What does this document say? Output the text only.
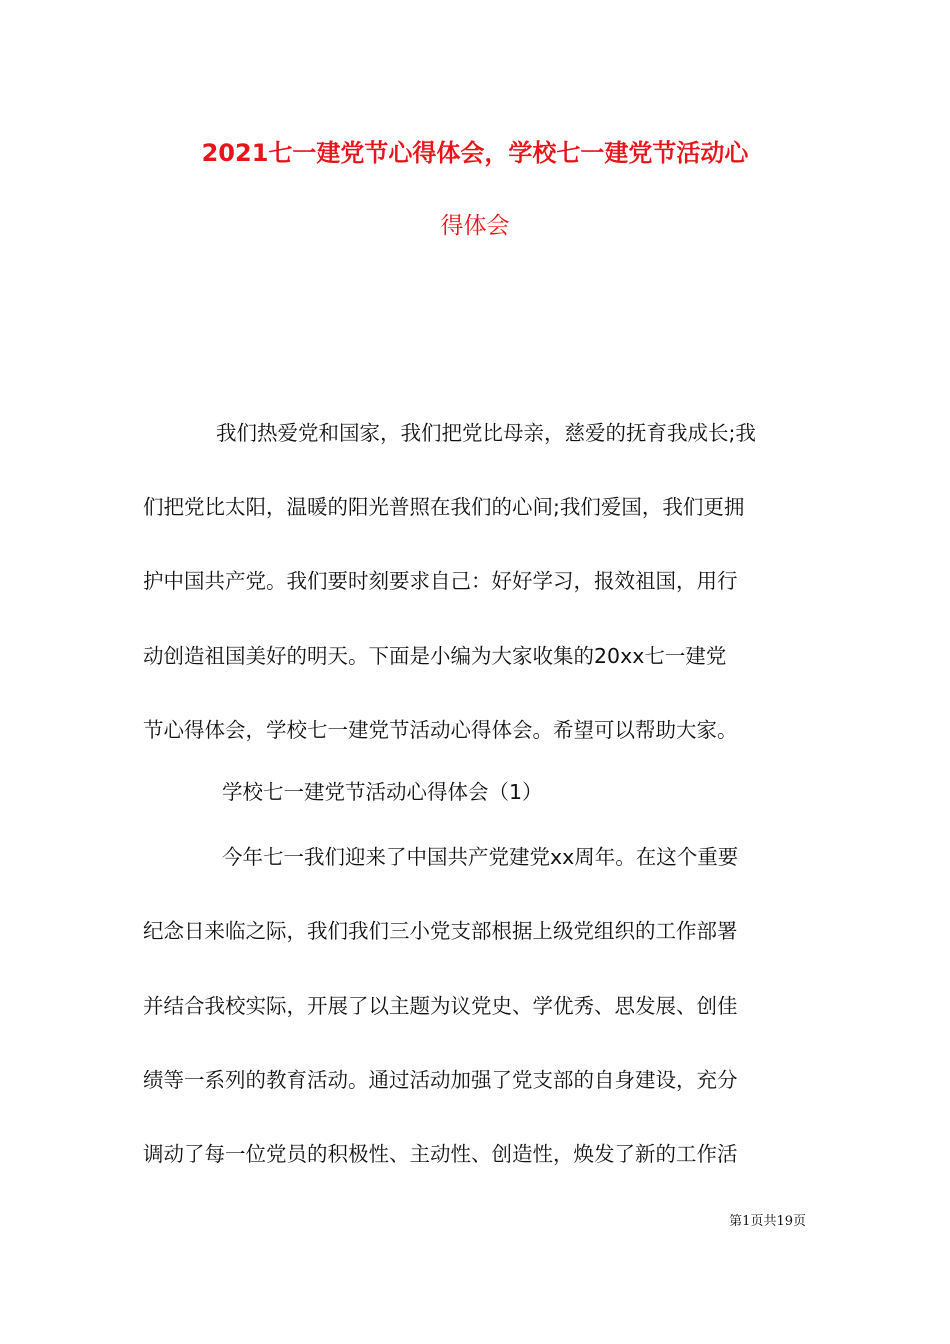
2021七一建党节心得体会，学校七一建党节活动心
得体会
我们热爱党和国家，我们把党比母亲，慈爱的抚育我成长;我
们把党比太阳，温暖的阳光普照在我们的心间;我们爱国，我们更拥
护中国共产党。我们要时刻要求自己：好好学习，报效祖国，用行
动创造祖国美好的明天。下面是小编为大家收集的20xx七一建党
节心得体会，学校七一建党节活动心得体会。希望可以帮助大家。
学校七一建党节活动心得体会（1）
今年七一我们迎来了中国共产党建党xx周年。在这个重要
纪念日来临之际，我们我们三小党支部根据上级党组织的工作部署
并结合我校实际，开展了以主题为议党史、学优秀、思发展、创佳
绩等一系列的教育活动。通过活动加强了党支部的自身建设，充分
调动了每一位党员的积极性、主动性、创造性，焕发了新的工作活
第1页共19页
